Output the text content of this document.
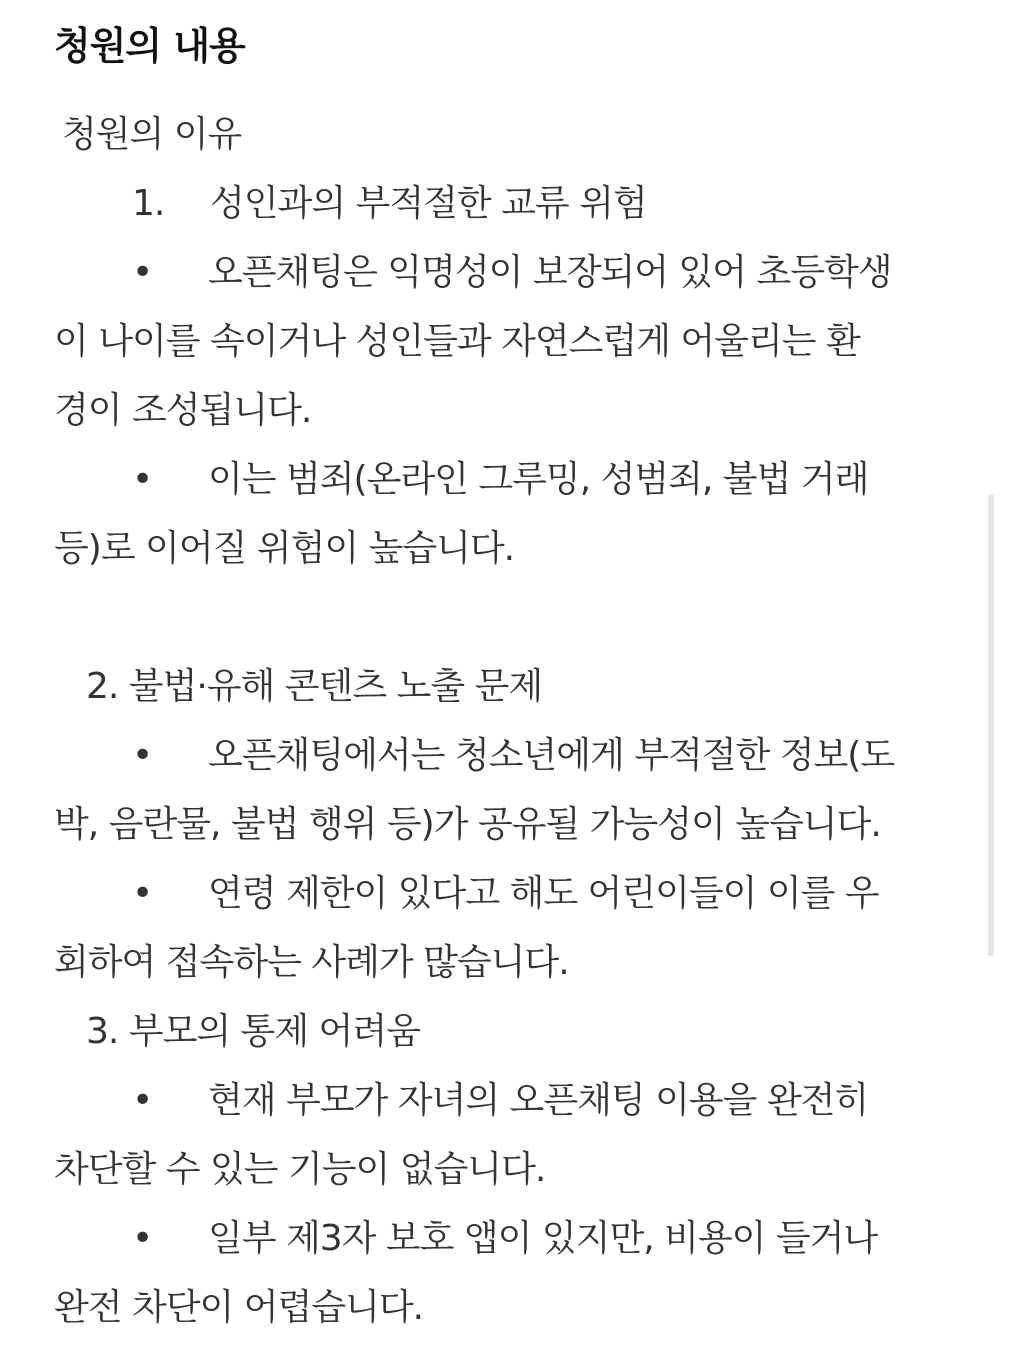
청원의 내용
청원의 이유
1. 성인과의 부적절한 교류 위험
• 오픈채팅은 익명성이 보장되어 있어 초등학생
이 나이를 속이거나 성인들과 자연스럽게 어울리는 환
경이 조성됩니다.
• 이는 범죄(온라인 그루밍, 성범죄, 불법 거래
등)로 이어질 위험이 높습니다.
2. 불법·유해 콘텐츠 노출 문제
• 오픈채팅에서는 청소년에게 부적절한 정보(도
박, 음란물, 불법 행위 등)가 공유될 가능성이 높습니다.
• 연령 제한이 있다고 해도 어린이들이 이를 우
회하여 접속하는 사례가 많습니다.
3. 부모의 통제 어려움
• 현재 부모가 자녀의 오픈채팅 이용을 완전히
차단할 수 있는 기능이 없습니다.
• 일부 제3자 보호 앱이 있지만, 비용이 들거나
완전 차단이 어렵습니다.
